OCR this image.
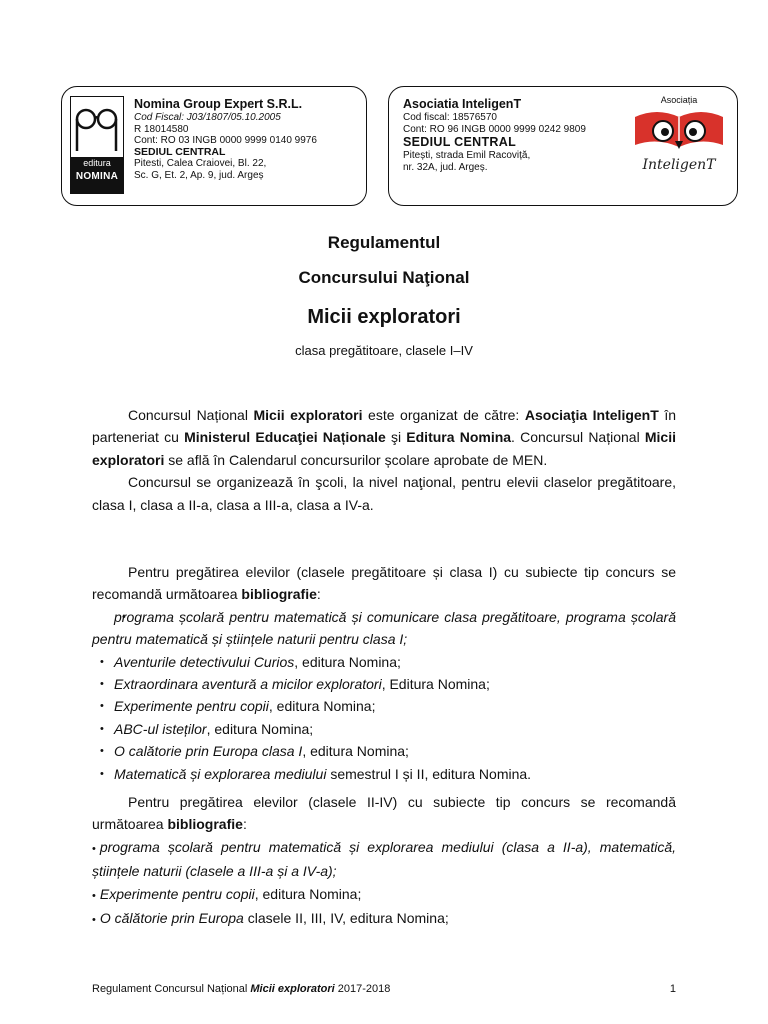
editura
NOMINA
Nomina Group Expert S.R.L.
Cod Fiscal: J03/1807/05.10.2005
R 18014580
Cont: RO 03 INGB 0000 9999 0140 9976
SEDIUL CENTRAL
Pitesti, Calea Craiovei, Bl. 22,
Sc. G, Et. 2, Ap. 9, jud. Argeș
Asociatia InteligenT
Cod fiscal: 18576570
Cont: RO 96 INGB 0000 9999 0242 9809
SEDIUL CENTRAL
Pitești, strada Emil Racoviță,
nr. 32A, jud. Argeș.
Asociația
InteligenT
Regulamentul
Concursului Naţional
Micii exploratori
clasa pregătitoare, clasele I–IV

Concursul Național Micii exploratori este organizat de către: Asociaţia InteligenT în parteneriat cu Ministerul Educaţiei Naționale şi Editura Nomina. Concursul Național Micii exploratori se află în Calendarul concursurilor școlare aprobate de MEN.

Concursul se organizează în şcoli, la nivel naţional, pentru elevii claselor pregătitoare, clasa I, clasa a II-a, clasa a III-a, clasa a IV-a.

Pentru pregătirea elevilor (clasele pregătitoare și clasa I) cu subiecte tip concurs se recomandă următoarea bibliografie:

• programa școlară pentru matematică și comunicare clasa pregătitoare, programa școlară pentru matematică și științele naturii pentru clasa I;
• Aventurile detectivului Curios, editura Nomina;
• Extraordinara aventură a micilor exploratori, Editura Nomina;
• Experimente pentru copii, editura Nomina;
• ABC-ul isteților, editura Nomina;
• O calătorie prin Europa clasa I, editura Nomina;
• Matematică și explorarea mediului semestrul I și II, editura Nomina.

Pentru pregătirea elevilor (clasele II-IV) cu subiecte tip concurs se recomandă următoarea bibliografie:

• programa școlară pentru matematică și explorarea mediului (clasa a II-a), matematică, științele naturii (clasele a III-a și a IV-a);
• Experimente pentru copii, editura Nomina;
• O călătorie prin Europa clasele II, III, IV, editura Nomina;
Regulament Concursul Național Micii exploratori 2017-2018	1
